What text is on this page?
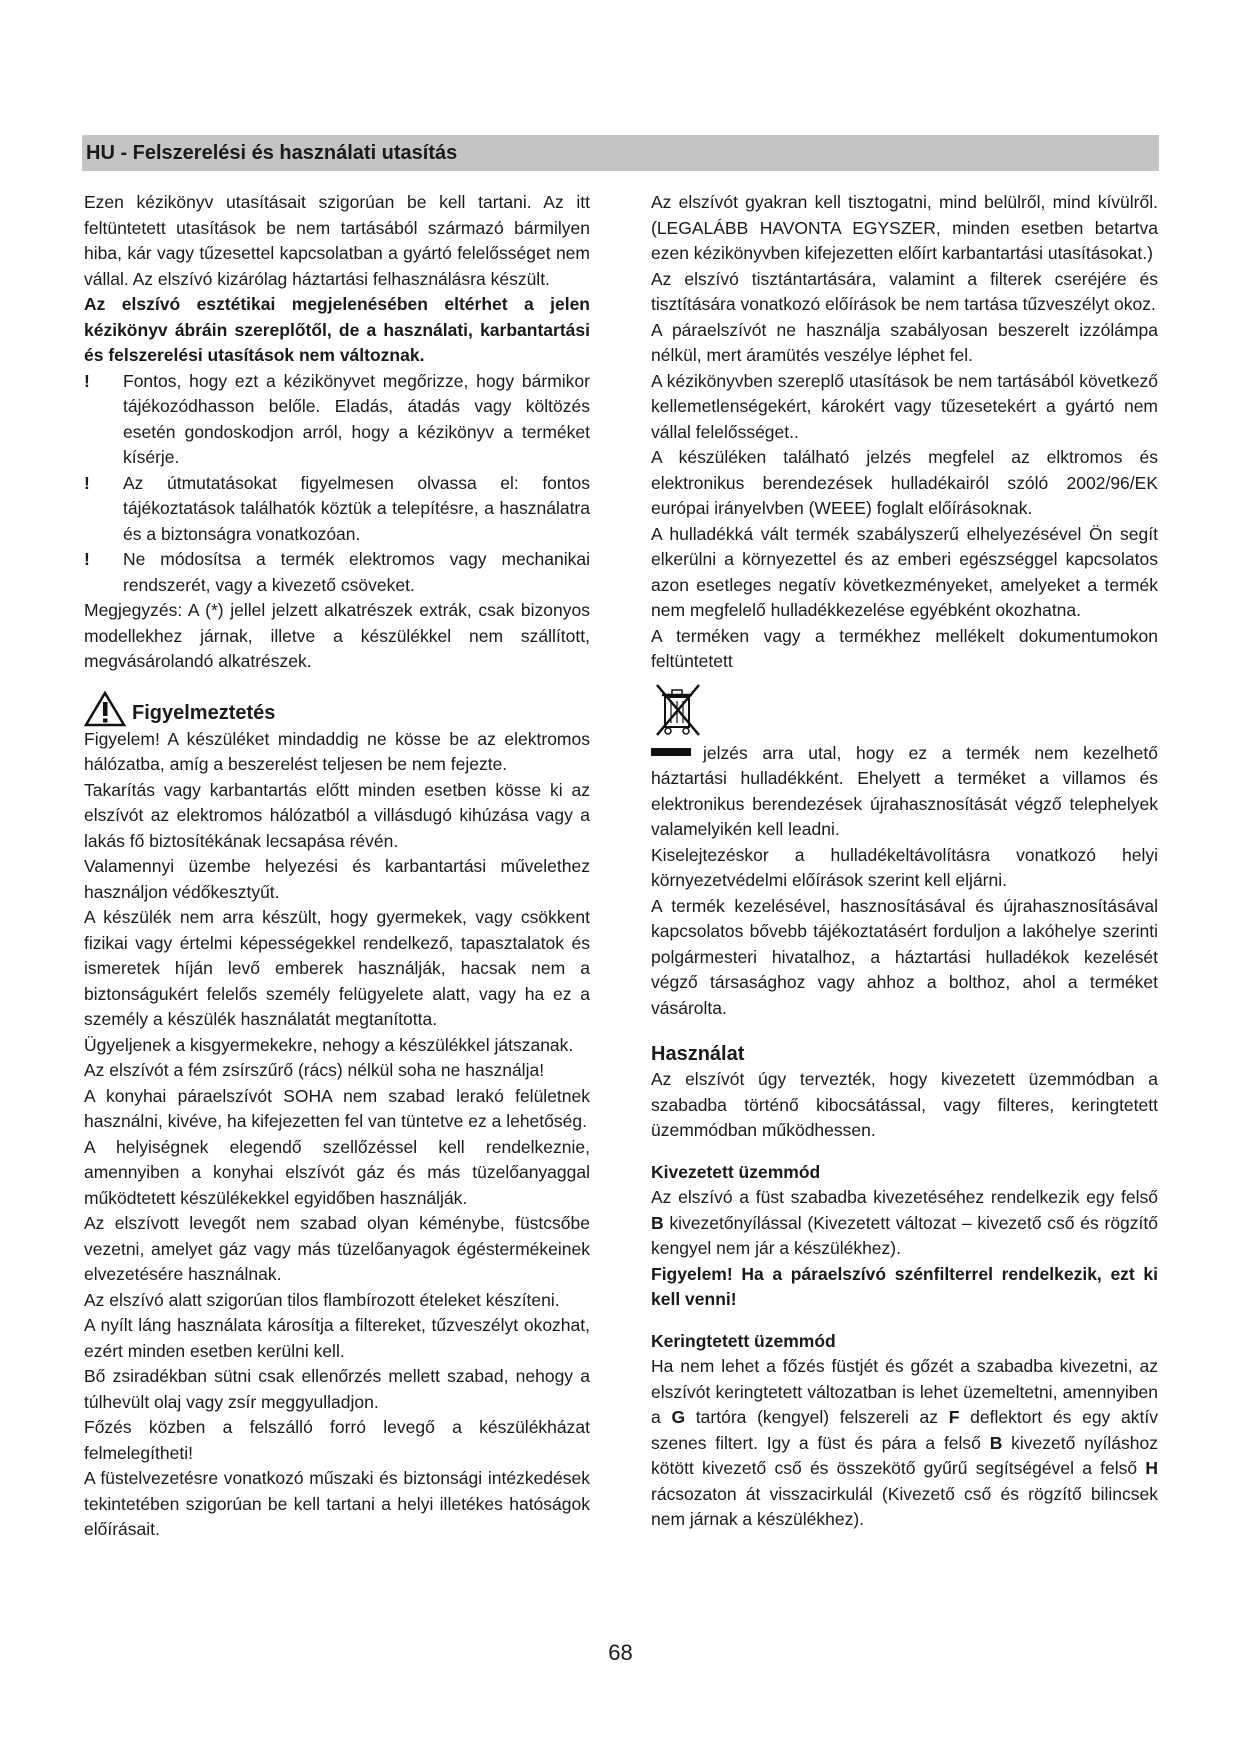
HU - Felszerelési és használati utasítás

Ezen kézikönyv utasításait szigorúan be kell tartani. Az itt feltüntetett utasítások be nem tartásából származó bármilyen hiba, kár vagy tűzesettel kapcsolatban a gyártó felelősséget nem vállal. Az elszívó kizárólag háztartási felhasználásra készült.

Az elszívó esztétikai megjelenésében eltérhet a jelen kézikönyv ábráin szereplőtől, de a használati, karbantartási és felszerelési utasítások nem változnak.

! Fontos, hogy ezt a kézikönyvet megőrizze, hogy bármikor tájékozódhasson belőle. Eladás, átadás vagy költözés esetén gondoskodjon arról, hogy a kézikönyv a terméket kísérje.

! Az útmutatásokat figyelmesen olvassa el: fontos tájékoztatások találhatók köztük a telepítésre, a használatra és a biztonságra vonatkozóan.

! Ne módosítsa a termék elektromos vagy mechanikai rendszerét, vagy a kivezető csöveket.

Megjegyzés: A (*) jellel jelzett alkatrészek extrák, csak bizonyos modellekhez járnak, illetve a készülékkel nem szállított, megvásárolandó alkatrészek.

Figyelmeztetés

Figyelem! A készüléket mindaddig ne kösse be az elektromos hálózatba, amíg a beszerelést teljesen be nem fejezte.

Takarítás vagy karbantartás előtt minden esetben kösse ki az elszívót az elektromos hálózatból a villásdugó kihúzása vagy a lakás fő biztosítékának lecsapása révén.

Valamennyi üzembe helyezési és karbantartási művelethez használjon védőkesztyűt.

A készülék nem arra készült, hogy gyermekek, vagy csökkent fizikai vagy értelmi képességekkel rendelkező, tapasztalatok és ismeretek híján levő emberek használják, hacsak nem a biztonságukért felelős személy felügyelete alatt, vagy ha ez a személy a készülék használatát megtanította.

Ügyeljenek a kisgyermekekre, nehogy a készülékkel játszanak.

Az elszívót a fém zsírszűrő (rács) nélkül soha ne használja!

A konyhai páraelszívót SOHA nem szabad lerakó felületnek használni, kivéve, ha kifejezetten fel van tüntetve ez a lehetőség.

A helyiségnek elegendő szellőzéssel kell rendelkeznie, amennyiben a konyhai elszívót gáz és más tüzelőanyaggal működtetett készülékekkel egyidőben használják.

Az elszívott levegőt nem szabad olyan kéménybe, füstcsőbe vezetni, amelyet gáz vagy más tüzelőanyagok égéstermékeinek elvezetésére használnak.

Az elszívó alatt szigorúan tilos flambírozott ételeket készíteni.

A nyílt láng használata károsítja a filtereket, tűzveszélyt okozhat, ezért minden esetben kerülni kell.

Bő zsiradékban sütni csak ellenőrzés mellett szabad, nehogy a túlhevült olaj vagy zsír meggyulladjon.

Főzés közben a felszálló forró levegő a készülékházat felmelegítheti!

A füstelvezetésre vonatkozó műszaki és biztonsági intézkedések tekintetében szigorúan be kell tartani a helyi illetékes hatóságok előírásait.

Az elszívót gyakran kell tisztogatni, mind belülről, mind kívülről. (LEGALÁBB HAVONTA EGYSZER, minden esetben betartva ezen kézikönyvben kifejezetten előírt karbantartási utasításokat.)

Az elszívó tisztántartására, valamint a filterek cseréjére és tisztítására vonatkozó előírások be nem tartása tűzveszélyt okoz.

A páraelszívót ne használja szabályosan beszerelt izzólámpa nélkül, mert áramütés veszélye léphet fel.

A kézikönyvben szereplő utasítások be nem tartásából következő kellemetlenségekért, károkért vagy tűzesetekért a gyártó nem vállal felelősséget..

A készüléken található jelzés megfelel az elktromos és elektronikus berendezések hulladékairól szóló 2002/96/EK európai irányelvben (WEEE) foglalt előírásoknak.

A hulladékká vált termék szabályszerű elhelyezésével Ön segít elkerülni a környezettel és az emberi egészséggel kapcsolatos azon esetleges negatív következményeket, amelyeket a termék nem megfelelő hulladékkezelése egyébként okozhatna.

A terméken vagy a termékhez mellékelt dokumentumokon feltüntetett

jelzés arra utal, hogy ez a termék nem kezelhető háztartási hulladékként. Ehelyett a terméket a villamos és elektronikus berendezések újrahasznosítását végző telephelyek valamelyikén kell leadni.

Kiselejtezéskor a hulladékeltávolításra vonatkozó helyi környezetvédelmi előírások szerint kell eljárni.

A termék kezelésével, hasznosításával és újrahasznosításával kapcsolatos bővebb tájékoztatásért forduljon a lakóhelye szerinti polgármesteri hivatalhoz, a háztartási hulladékok kezelését végző társasághoz vagy ahhoz a bolthoz, ahol a terméket vásárolta.

Használat

Az elszívót úgy tervezték, hogy kivezetett üzemmódban a szabadba történő kibocsátással, vagy filteres, keringtetett üzemmódban működhessen.

Kivezetett üzemmód

Az elszívó a füst szabadba kivezetéséhez rendelkezik egy felső B kivezetőnyílással (Kivezetett változat – kivezető cső és rögzítő kengyel nem jár a készülékhez).

Figyelem! Ha a páraelszívó szénfilterrel rendelkezik, ezt ki kell venni!

Keringtetett üzemmód

Ha nem lehet a főzés füstjét és gőzét a szabadba kivezetni, az elszívót keringtetett változatban is lehet üzemeltetni, amennyiben a G tartóra (kengyel) felszereli az F deflektort és egy aktív szenes filtert. Igy a füst és pára a felső B kivezető nyíláshoz kötött kivezető cső és összekötő gyűrű segítségével a felső H rácsozaton át visszacirkulál (Kivezető cső és rögzítő bilincsek nem járnak a készülékhez).

68
